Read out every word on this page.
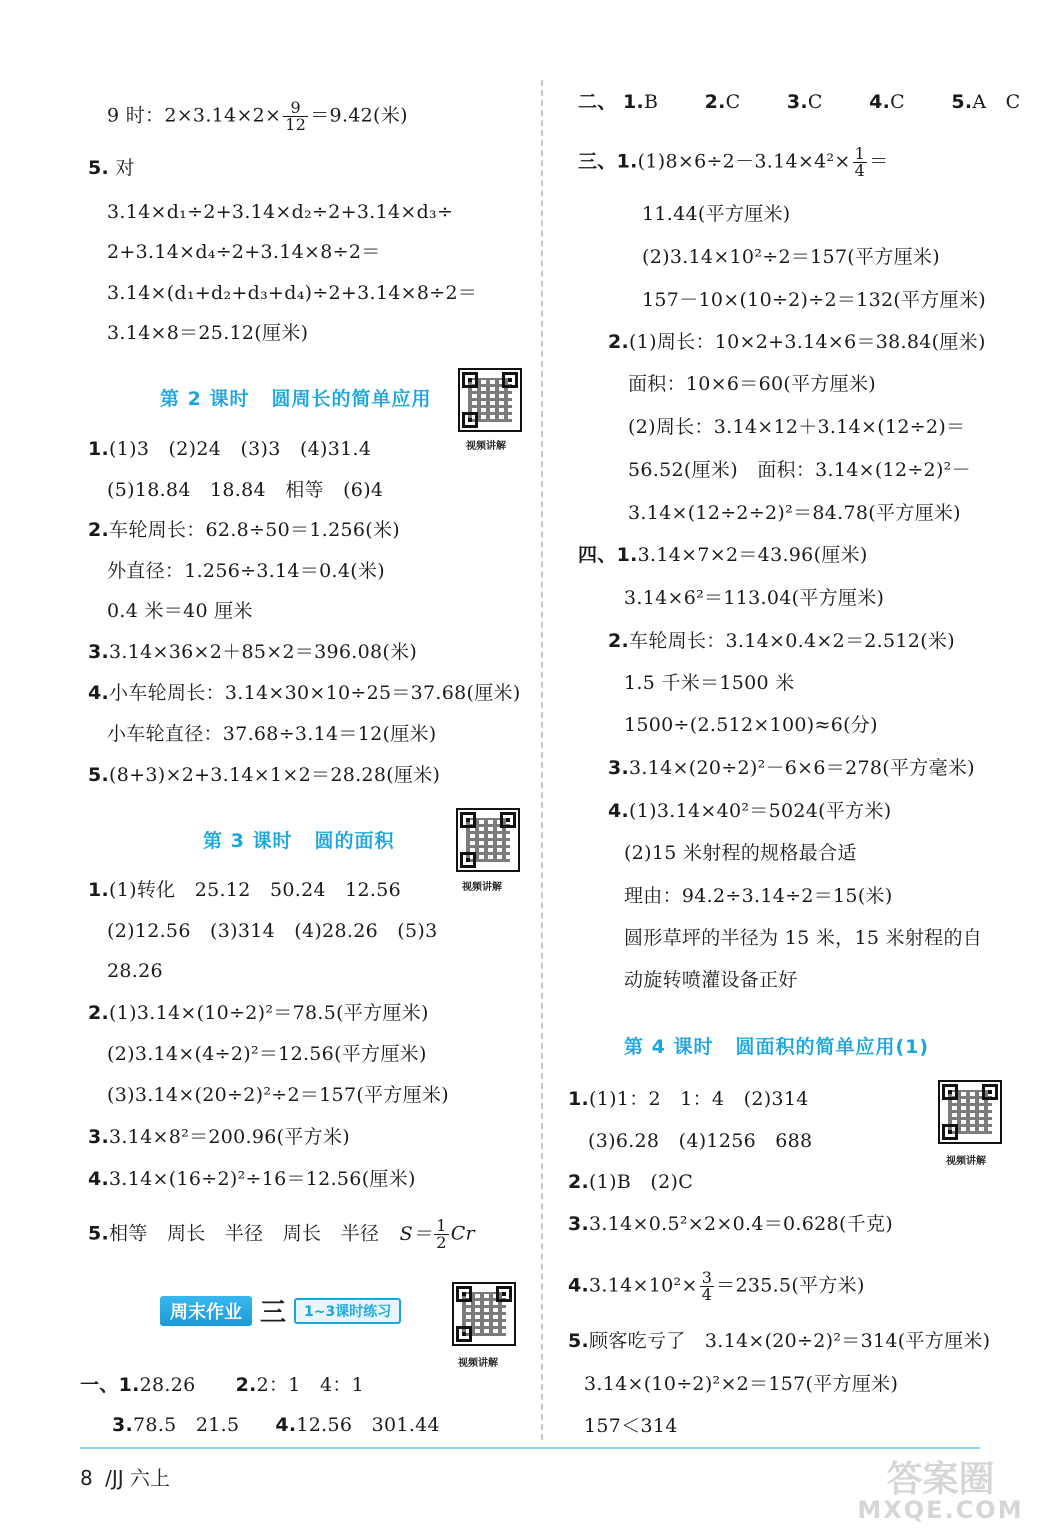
9 时：$2\times 3.14\times 2\times \frac{9}{12} =9.42$(米)
5. 对
3.14×d₁÷2+3.14×d₂÷2+3.14×d₃÷
2+3.14×d₄÷2+3.14×8÷2＝
3.14×(d₁+d₂+d₃+d₄)÷2+3.14×8÷2＝
3.14×8＝25.12(厘米)
第 2 课时 圆周长的简单应用
视频讲解
1.(1)3　(2)24　(3)3　(4)31.4
(5)18.84　18.84　相等　(6)4
2.车轮周长：62.8÷50＝1.256(米)
外直径：1.256÷3.14＝0.4(米)
0.4 米＝40 厘米
3.3.14×36×2＋85×2＝396.08(米)
4.小车轮周长：3.14×30×10÷25＝37.68(厘米)
小车轮直径：37.68÷3.14＝12(厘米)
5.(8+3)×2+3.14×1×2＝28.28(厘米)
第 3 课时 圆的面积
视频讲解
1.(1)转化　25.12　50.24　12.56
(2)12.56　(3)314　(4)28.26　(5)3
28.26
2.(1)3.14×(10÷2)²＝78.5(平方厘米)
(2)3.14×(4÷2)²＝12.56(平方厘米)
(3)3.14×(20÷2)²÷2＝157(平方厘米)
3.3.14×8²＝200.96(平方米)
4.3.14×(16÷2)²÷16＝12.56(厘米)
5.相等　周长　半径　周长　半径 $S= \frac{1}{2}$ Cr
周末作业 三 1~3课时练习
视频讲解
一、1.28.26 2.2：1　4：1
3.78.5　21.5 4.12.56　301.44
二、 1.B 2.C 3.C 4.C 5.A　C
三、$1.(1)8\times 6\div 2-3.14\times 4^2\times \frac{1}{4}$ ＝
11.44(平方厘米)
(2)3.14×10²÷2＝157(平方厘米)
157－10×(10÷2)÷2＝132(平方厘米)
2.(1)周长：10×2+3.14×6＝38.84(厘米)
面积：10×6＝60(平方厘米)
(2)周长：3.14×12＋3.14×(12÷2)＝
56.52(厘米)　面积：3.14×(12÷2)²－
3.14×(12÷2÷2)²＝84.78(平方厘米)
四、1.3.14×7×2＝43.96(厘米)
3.14×6²＝113.04(平方厘米)
2.车轮周长：3.14×0.4×2＝2.512(米)
1.5 千米＝1500 米
1500÷(2.512×100)≈6(分)
3.3.14×(20÷2)²－6×6＝278(平方毫米)
4.(1)3.14×40²＝5024(平方米)
(2)15 米射程的规格最合适
理由：94.2÷3.14÷2＝15(米)
圆形草坪的半径为 15 米，15 米射程的自
动旋转喷灌设备正好
第 4 课时 圆面积的简单应用(1)
视频讲解
1.(1)1：2　1：4　(2)314
(3)6.28　(4)1256　688
2.(1)B　(2)C
3.3.14×0.5²×2×0.4＝0.628(千克)
$4.3.14\times 10^2\times \frac{3}{4} =235.5$(平方米)
5.顾客吃亏了　3.14×(20÷2)²＝314(平方厘米)
3.14×(10÷2)²×2＝157(平方厘米)
157＜314
8 /JJ 六上	答案圈
MXQE.COM
